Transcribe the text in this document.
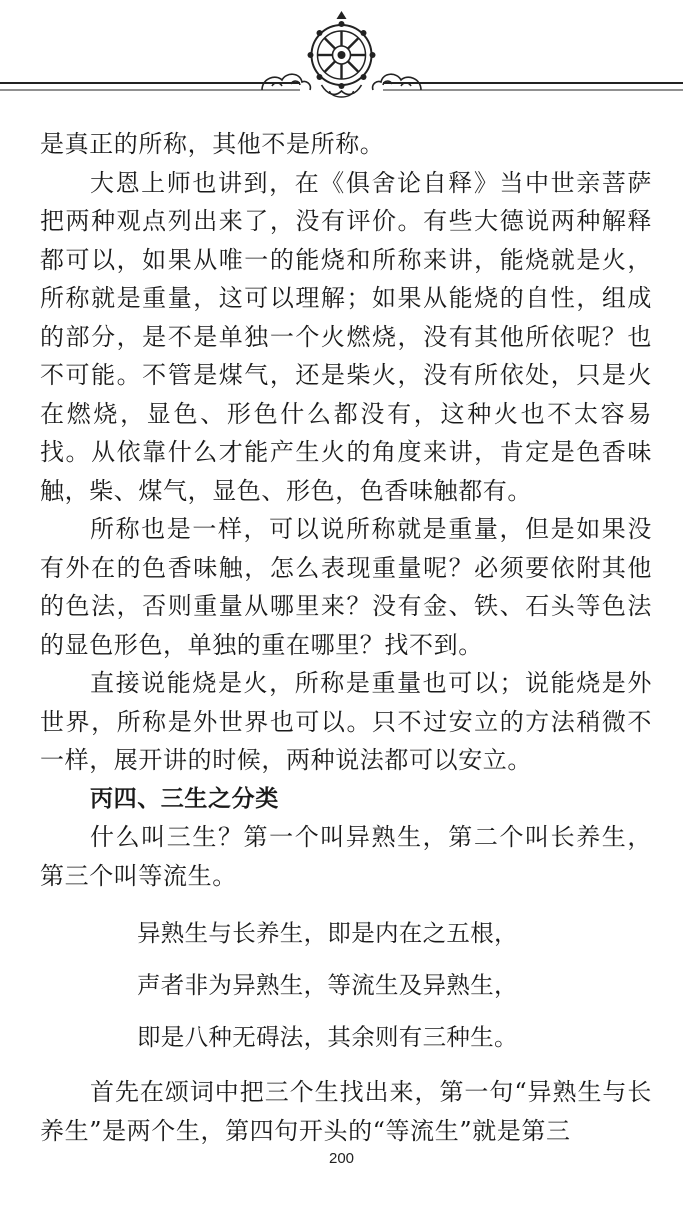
是真正的所称，其他不是所称。

大恩上师也讲到，在《俱舍论自释》当中世亲菩萨把两种观点列出来了，没有评价。有些大德说两种解释都可以，如果从唯一的能烧和所称来讲，能烧就是火，所称就是重量，这可以理解；如果从能烧的自性，组成的部分，是不是单独一个火燃烧，没有其他所依呢？也不可能。不管是煤气，还是柴火，没有所依处，只是火在燃烧，显色、形色什么都没有，这种火也不太容易找。从依靠什么才能产生火的角度来讲，肯定是色香味触，柴、煤气，显色、形色，色香味触都有。

所称也是一样，可以说所称就是重量，但是如果没有外在的色香味触，怎么表现重量呢？必须要依附其他的色法，否则重量从哪里来？没有金、铁、石头等色法的显色形色，单独的重在哪里？找不到。

直接说能烧是火，所称是重量也可以；说能烧是外世界，所称是外世界也可以。只不过安立的方法稍微不一样，展开讲的时候，两种说法都可以安立。

丙四、三生之分类

什么叫三生？第一个叫异熟生，第二个叫长养生，第三个叫等流生。

异熟生与长养生，即是内在之五根，

声者非为异熟生，等流生及异熟生，

即是八种无碍法，其余则有三种生。

首先在颂词中把三个生找出来，第一句“异熟生与长养生”是两个生，第四句开头的“等流生”就是第三

200
